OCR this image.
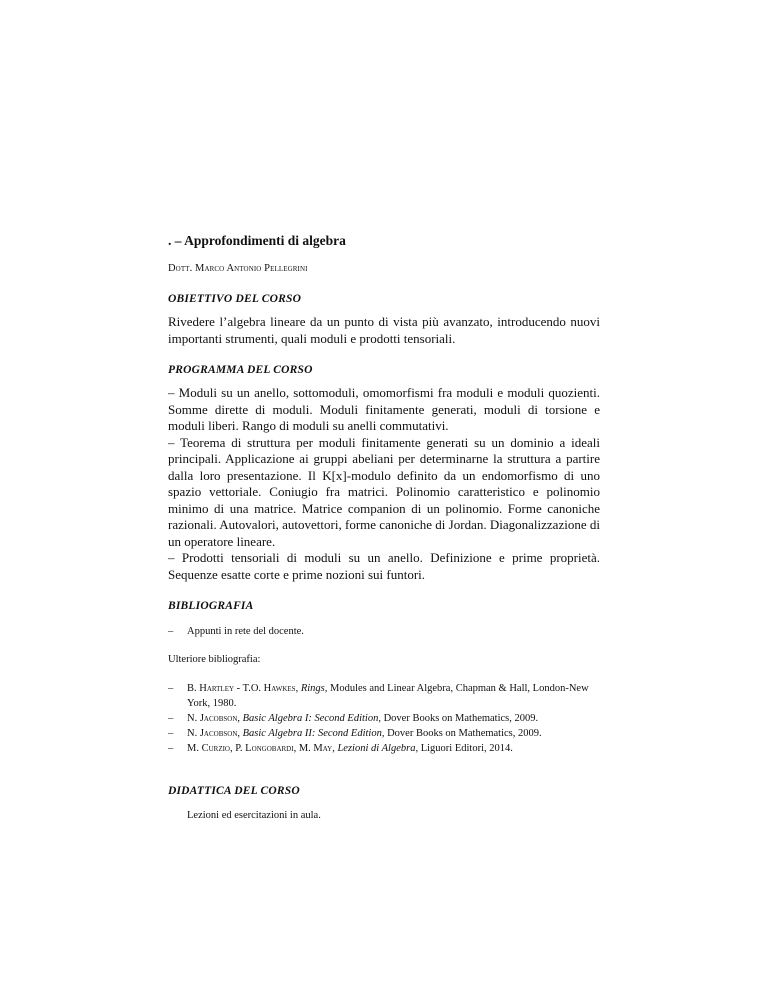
. – Approfondimenti di algebra

Dott. Marco Antonio Pellegrini

OBIETTIVO DEL CORSO

Rivedere l’algebra lineare da un punto di vista più avanzato, introducendo nuovi importanti strumenti, quali moduli e prodotti tensoriali.

PROGRAMMA DEL CORSO

– Moduli su un anello, sottomoduli, omomorfismi fra moduli e moduli quozienti. Somme dirette di moduli. Moduli finitamente generati, moduli di torsione e moduli liberi. Rango di moduli su anelli commutativi.

– Teorema di struttura per moduli finitamente generati su un dominio a ideali principali. Applicazione ai gruppi abeliani per determinarne la struttura a partire dalla loro presentazione. Il K[x]-modulo definito da un endomorfismo di uno spazio vettoriale. Coniugio fra matrici. Polinomio caratteristico e polinomio minimo di una matrice. Matrice companion di un polinomio. Forme canoniche razionali. Autovalori, autovettori, forme canoniche di Jordan. Diagonalizzazione di un operatore lineare.

– Prodotti tensoriali di moduli su un anello. Definizione e prime proprietà. Sequenze esatte corte e prime nozioni sui funtori.

BIBLIOGRAFIA
–	Appunti in rete del docente.

Ulteriore bibliografia:

–	B. Hartley - T.O. Hawkes, Rings, Modules and Linear Algebra, Chapman & Hall, London-New York, 1980.
–	N. Jacobson, Basic Algebra I: Second Edition, Dover Books on Mathematics, 2009.
–	N. Jacobson, Basic Algebra II: Second Edition, Dover Books on Mathematics, 2009.
–	M. Curzio, P. Longobardi, M. May, Lezioni di Algebra, Liguori Editori, 2014.
DIDATTICA DEL CORSO

Lezioni ed esercitazioni in aula.
